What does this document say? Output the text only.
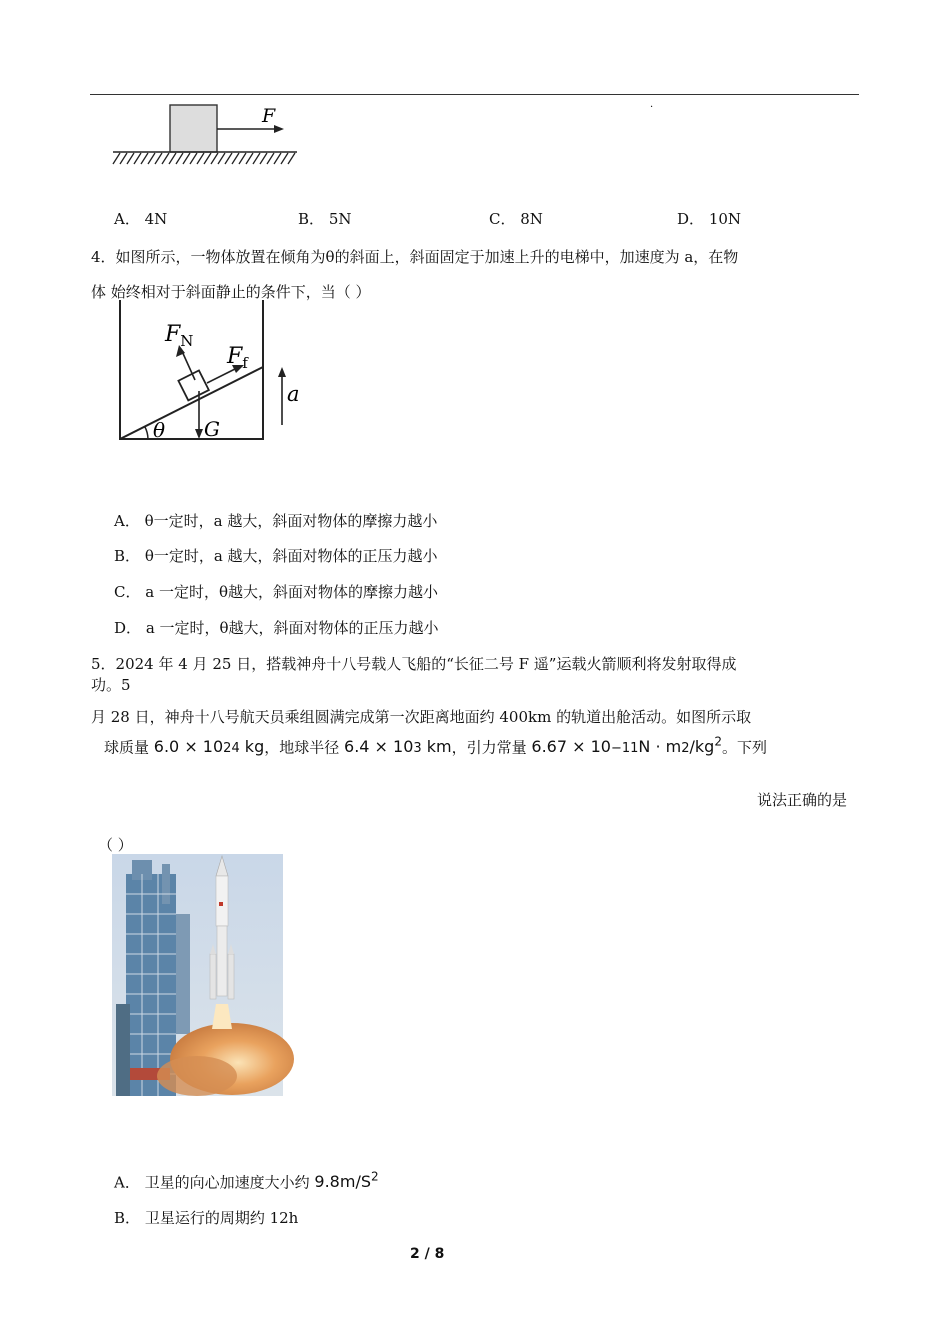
·
F
A． 4N	B． 5N	C． 8N	D． 10N
4．如图所示，一物体放置在倾角为θ的斜面上，斜面固定于加速上升的电梯中，加速度为 a，在物
体 始终相对于斜面静止的条件下，当（ ）
θ
$F_N$
$F_f$
G
a
A． θ一定时，a 越大，斜面对物体的摩擦力越小
B． θ一定时，a 越大，斜面对物体的正压力越小
C． a 一定时，θ越大，斜面对物体的摩擦力越小
D． a 一定时，θ越大，斜面对物体的正压力越小
5．2024 年 4 月 25 日，搭载神舟十八号载人飞船的“长征二号 F 遥”运载火箭顺利将发射取得成
功。5
月 28 日，神舟十八号航天员乘组圆满完成第一次距离地面约 400km 的轨道出舱活动。如图所示取
球质量 6.0 × 1024 kg，地球半径 6.4 × 103 km，引力常量 $6.67 \times 10-11N \cdot m2/kg^2$。下列
说法正确的是
（ ）
A． 卫星的向心加速度大小约 $9.8m/S^2$
B． 卫星运行的周期约 12h
2 / 8
